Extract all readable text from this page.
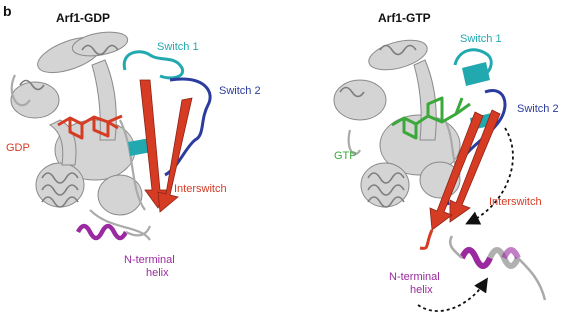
b	Arf1-GDP	Arf1-GTP
Switch 1
Switch 2
GDP
Interswitch
N-terminal
helix
Switch 1
Switch 2
GTP
Interswitch
N-terminal
helix
